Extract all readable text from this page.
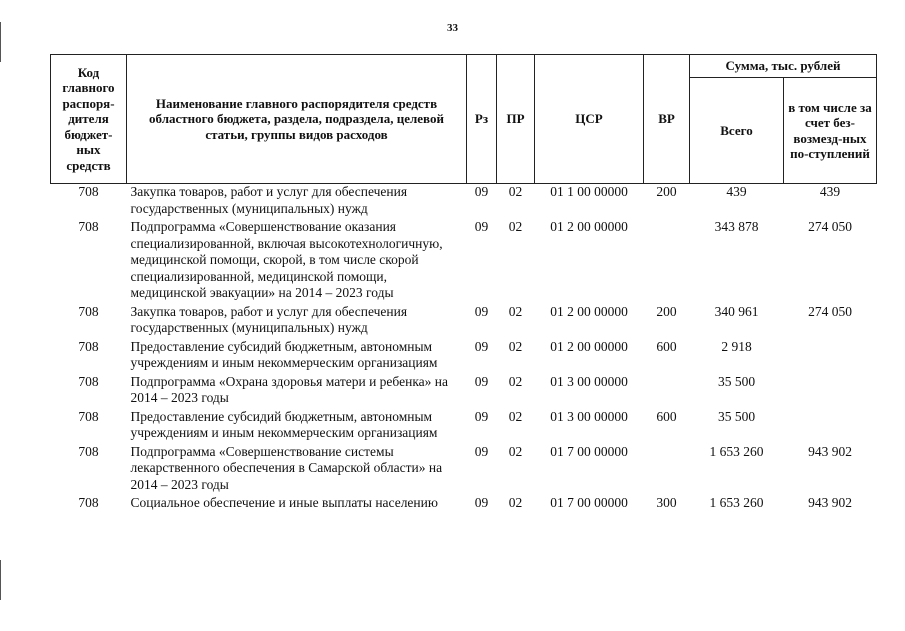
33
Код главного распоря-дителя бюджет-ных средств	Наименование главного распорядителя средств областного бюджета, раздела, подраздела, целевой статьи, группы видов расходов	Рз	ПР	ЦСР	ВР	Сумма, тыс. рублей	
						Всего	в том числе за счет без-возмезд-ных по-ступлений
708	Закупка товаров, работ и услуг для обеспечения государственных (муниципальных) нужд	09	02	01 1 00 00000	200	439	439
708	Подпрограмма «Совершенствование оказания специализированной, включая высокотехнологичную, медицинской помощи, скорой, в том числе скорой специализированной, медицинской помощи, медицинской эвакуации» на 2014 – 2023 годы	09	02	01 2 00 00000		343 878	274 050
708	Закупка товаров, работ и услуг для обеспечения государственных (муниципальных) нужд	09	02	01 2 00 00000	200	340 961	274 050
708	Предоставление субсидий бюджетным, автономным учреждениям и иным некоммерческим организациям	09	02	01 2 00 00000	600	2 918	
708	Подпрограмма «Охрана здоровья матери и ребенка» на 2014 – 2023 годы	09	02	01 3 00 00000		35 500	
708	Предоставление субсидий бюджетным, автономным учреждениям и иным некоммерческим организациям	09	02	01 3 00 00000	600	35 500	
708	Подпрограмма «Совершенствование системы лекарственного обеспечения в Самарской области» на 2014 – 2023 годы	09	02	01 7 00 00000		1 653 260	943 902
708	Социальное обеспечение и иные выплаты населению	09	02	01 7 00 00000	300	1 653 260	943 902
